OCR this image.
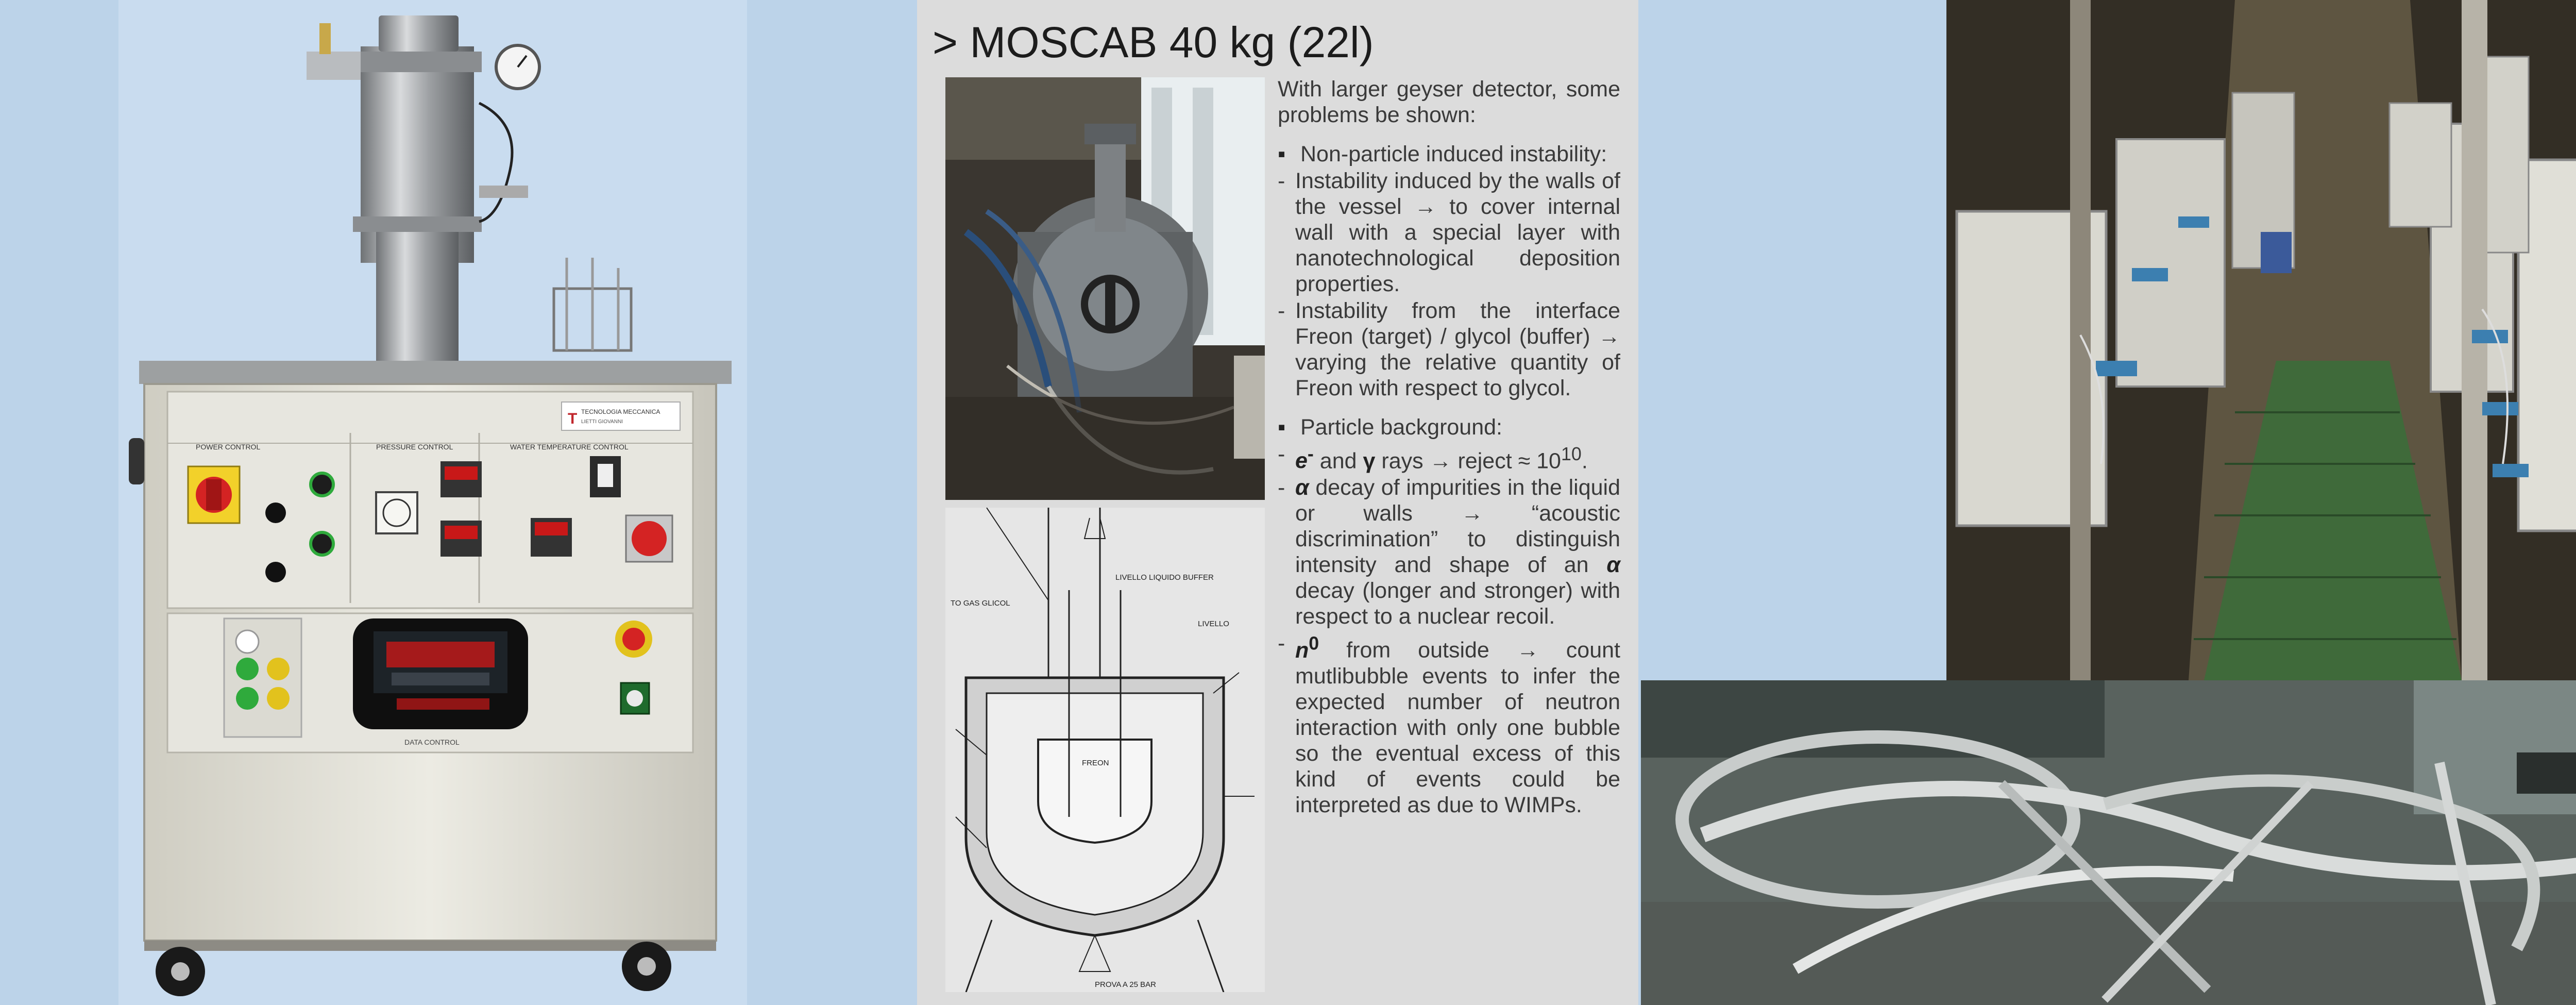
POWER CONTROL	PRESSURE CONTROL	WATER TEMPERATURE CONTROL
T TECNOLOGIA MECCANICA
LIETTI GIOVANNI
DATA CONTROL
> MOSCAB 40 kg (22l)
TO GAS GLICOL
LIVELLO LIQUIDO BUFFER
LIVELLO
FREON
PROVA A 25 BAR

With larger geyser detector, some problems be shown:

▪ Non-particle induced instability:

- Instability induced by the walls of the vessel → to cover internal wall with a special layer with nanotechnological deposition properties.

- Instability from the interface Freon (target) / glycol (buffer) → varying the relative quantity of Freon with respect to glycol.

▪ Particle background:

- e- and γ rays → reject ≈ $10^{10}$.

- α decay of impurities in the liquid or walls → “acoustic discrimination” to distinguish intensity and shape of an α decay (longer and stronger) with respect to a nuclear recoil.

- $n^0$ from outside → count mutlibubble events to infer the expected number of neutron interaction with only one bubble so the eventual excess of this kind of events could be interpreted as due to WIMPs.
